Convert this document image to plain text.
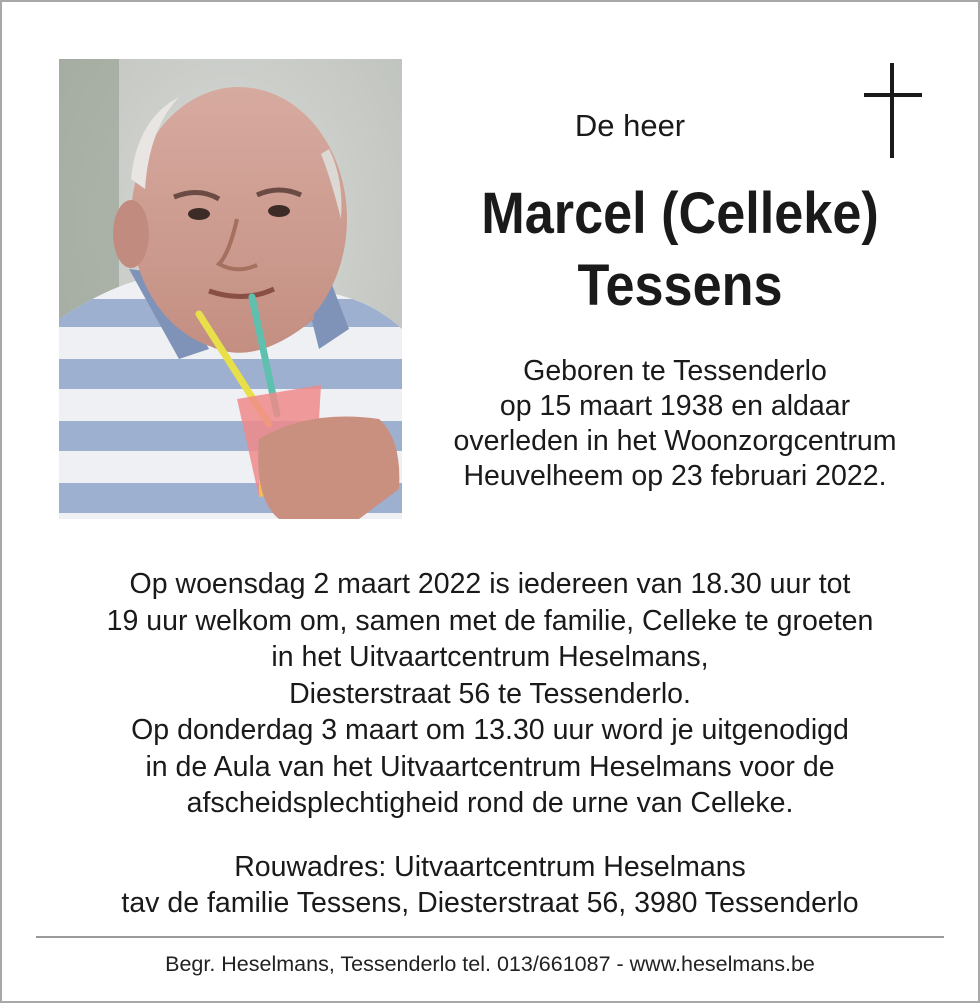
De heer
Marcel (Celleke)
Tessens
Geboren te Tessenderlo
op 15 maart 1938 en aldaar
overleden in het Woonzorgcentrum
Heuvelheem op 23 februari 2022.
Op woensdag 2 maart 2022 is iedereen van 18.30 uur tot
19 uur welkom om, samen met de familie, Celleke te groeten
in het Uitvaartcentrum Heselmans,
Diesterstraat 56 te Tessenderlo.
Op donderdag 3 maart om 13.30 uur word je uitgenodigd
in de Aula van het Uitvaartcentrum Heselmans voor de
afscheidsplechtigheid rond de urne van Celleke.
Rouwadres: Uitvaartcentrum Heselmans
tav de familie Tessens, Diesterstraat 56, 3980 Tessenderlo
Begr. Heselmans, Tessenderlo tel. 013/661087 - www.heselmans.be
